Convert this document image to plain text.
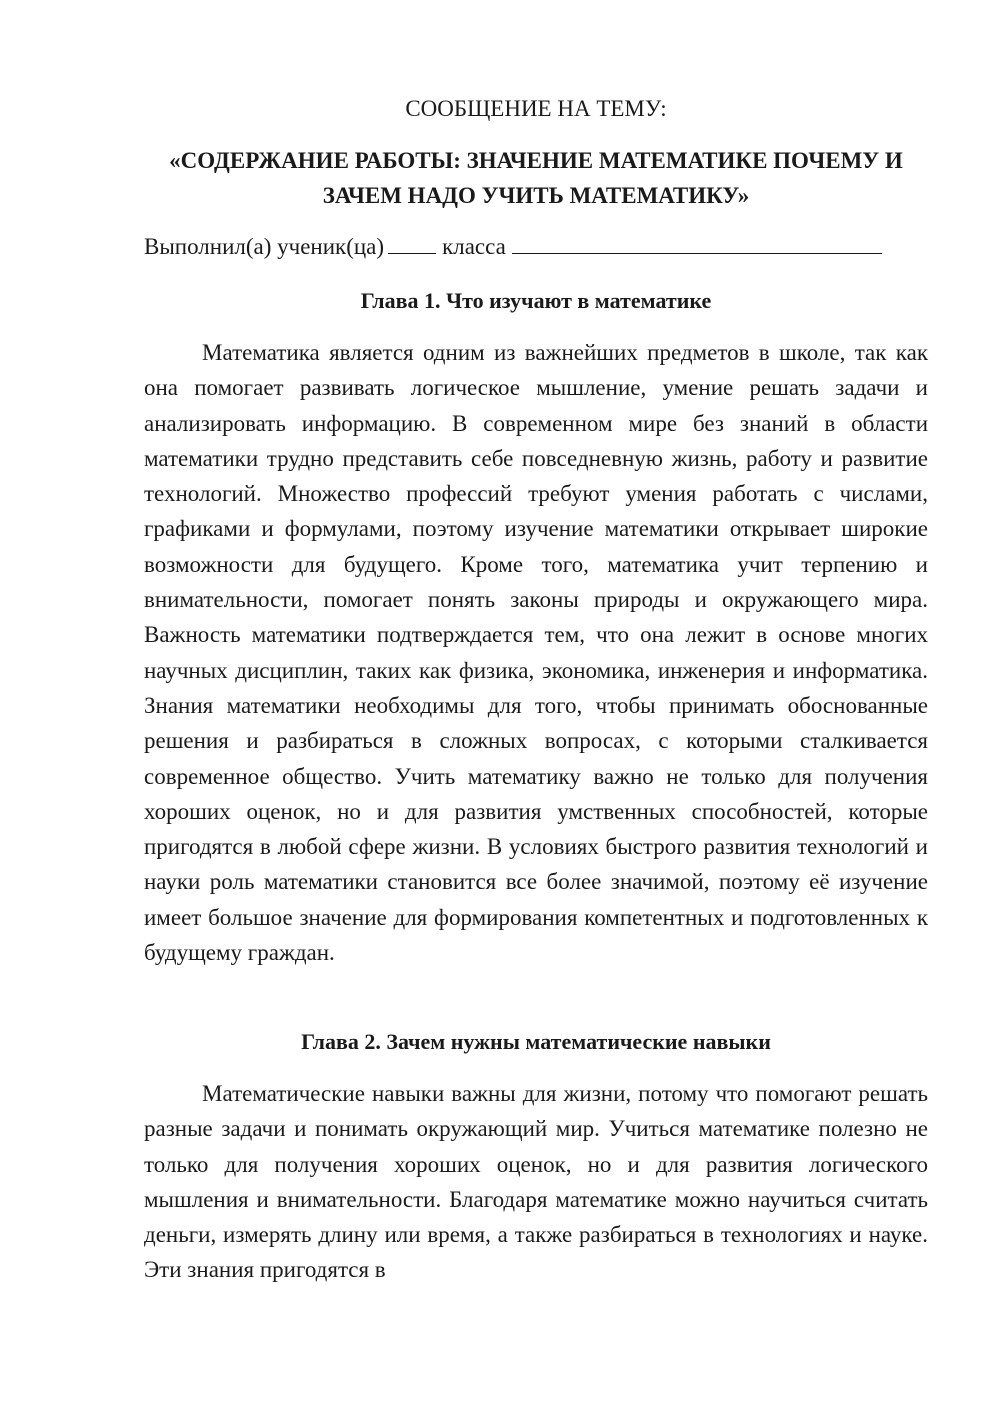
СООБЩЕНИЕ НА ТЕМУ:
«СОДЕРЖАНИЕ РАБОТЫ: ЗНАЧЕНИЕ МАТЕМАТИКЕ ПОЧЕМУ И ЗАЧЕМ НАДО УЧИТЬ МАТЕМАТИКУ»
Выполнил(а) ученик(ца)	класса
Глава 1. Что изучают в математике
Математика является одним из важнейших предметов в школе, так как она помогает развивать логическое мышление, умение решать задачи и анализировать информацию. В современном мире без знаний в области математики трудно представить себе повседневную жизнь, работу и развитие технологий. Множество профессий требуют умения работать с числами, графиками и формулами, поэтому изучение математики открывает широкие возможности для будущего. Кроме того, математика учит терпению и внимательности, помогает понять законы природы и окружающего мира. Важность математики подтверждается тем, что она лежит в основе многих научных дисциплин, таких как физика, экономика, инженерия и информатика. Знания математики необходимы для того, чтобы принимать обоснованные решения и разбираться в сложных вопросах, с которыми сталкивается современное общество. Учить математику важно не только для получения хороших оценок, но и для развития умственных способностей, которые пригодятся в любой сфере жизни. В условиях быстрого развития технологий и науки роль математики становится все более значимой, поэтому её изучение имеет большое значение для формирования компетентных и подготовленных к будущему граждан.
Глава 2. Зачем нужны математические навыки
Математические навыки важны для жизни, потому что помогают решать разные задачи и понимать окружающий мир. Учиться математике полезно не только для получения хороших оценок, но и для развития логического мышления и внимательности. Благодаря математике можно научиться считать деньги, измерять длину или время, а также разбираться в технологиях и науке. Эти знания пригодятся в
